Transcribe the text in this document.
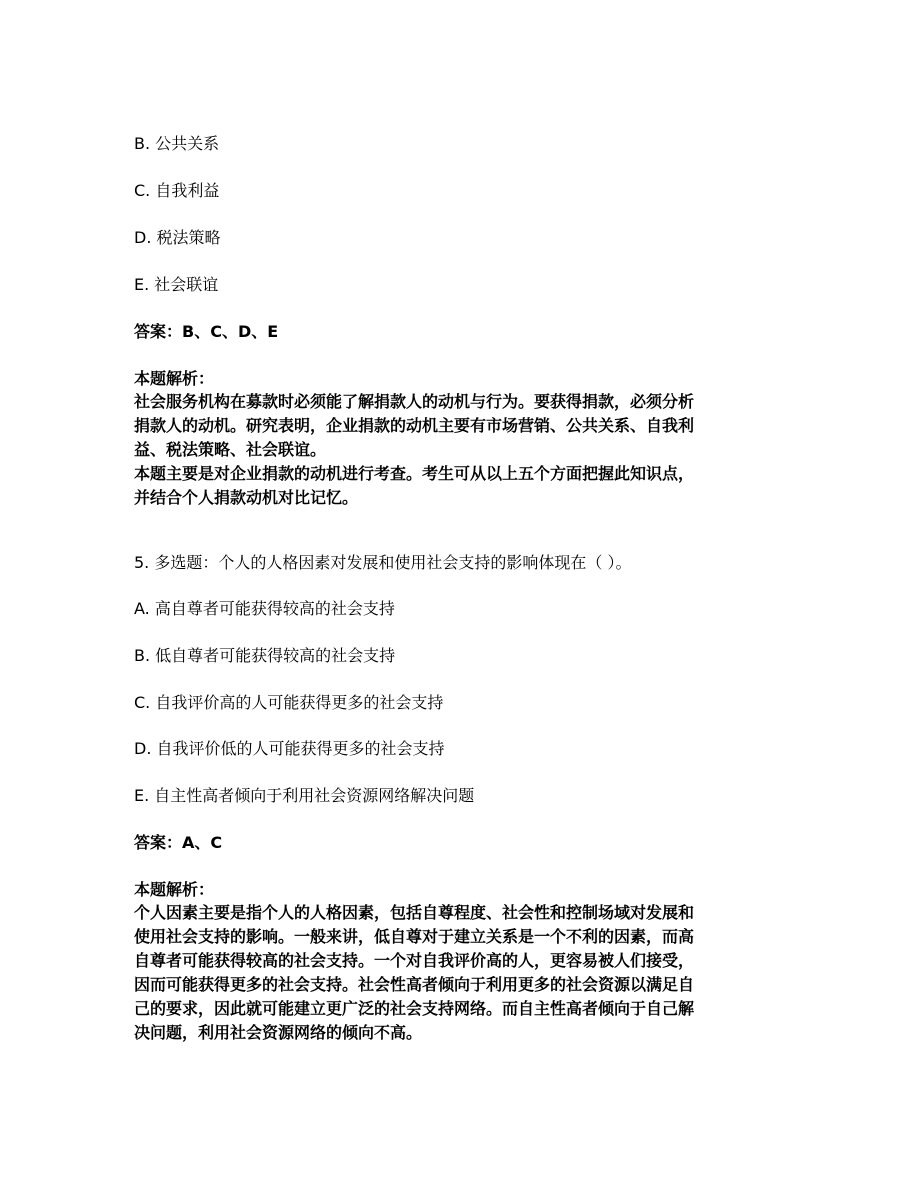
B. 公共关系
C. 自我利益
D. 税法策略
E. 社会联谊
答案：B、C、D、E
本题解析：
社会服务机构在募款时必须能了解捐款人的动机与行为。要获得捐款，必须分析
捐款人的动机。研究表明，企业捐款的动机主要有市场营销、公共关系、自我利
益、税法策略、社会联谊。
本题主要是对企业捐款的动机进行考查。考生可从以上五个方面把握此知识点，
并结合个人捐款动机对比记忆。
5. 多选题：个人的人格因素对发展和使用社会支持的影响体现在（ ）。
A. 高自尊者可能获得较高的社会支持
B. 低自尊者可能获得较高的社会支持
C. 自我评价高的人可能获得更多的社会支持
D. 自我评价低的人可能获得更多的社会支持
E. 自主性高者倾向于利用社会资源网络解决问题
答案：A、C
本题解析：
个人因素主要是指个人的人格因素，包括自尊程度、社会性和控制场域对发展和
使用社会支持的影响。一般来讲，低自尊对于建立关系是一个不利的因素，而高
自尊者可能获得较高的社会支持。一个对自我评价高的人，更容易被人们接受，
因而可能获得更多的社会支持。社会性高者倾向于利用更多的社会资源以满足自
己的要求，因此就可能建立更广泛的社会支持网络。而自主性高者倾向于自己解
决问题，利用社会资源网络的倾向不高。
